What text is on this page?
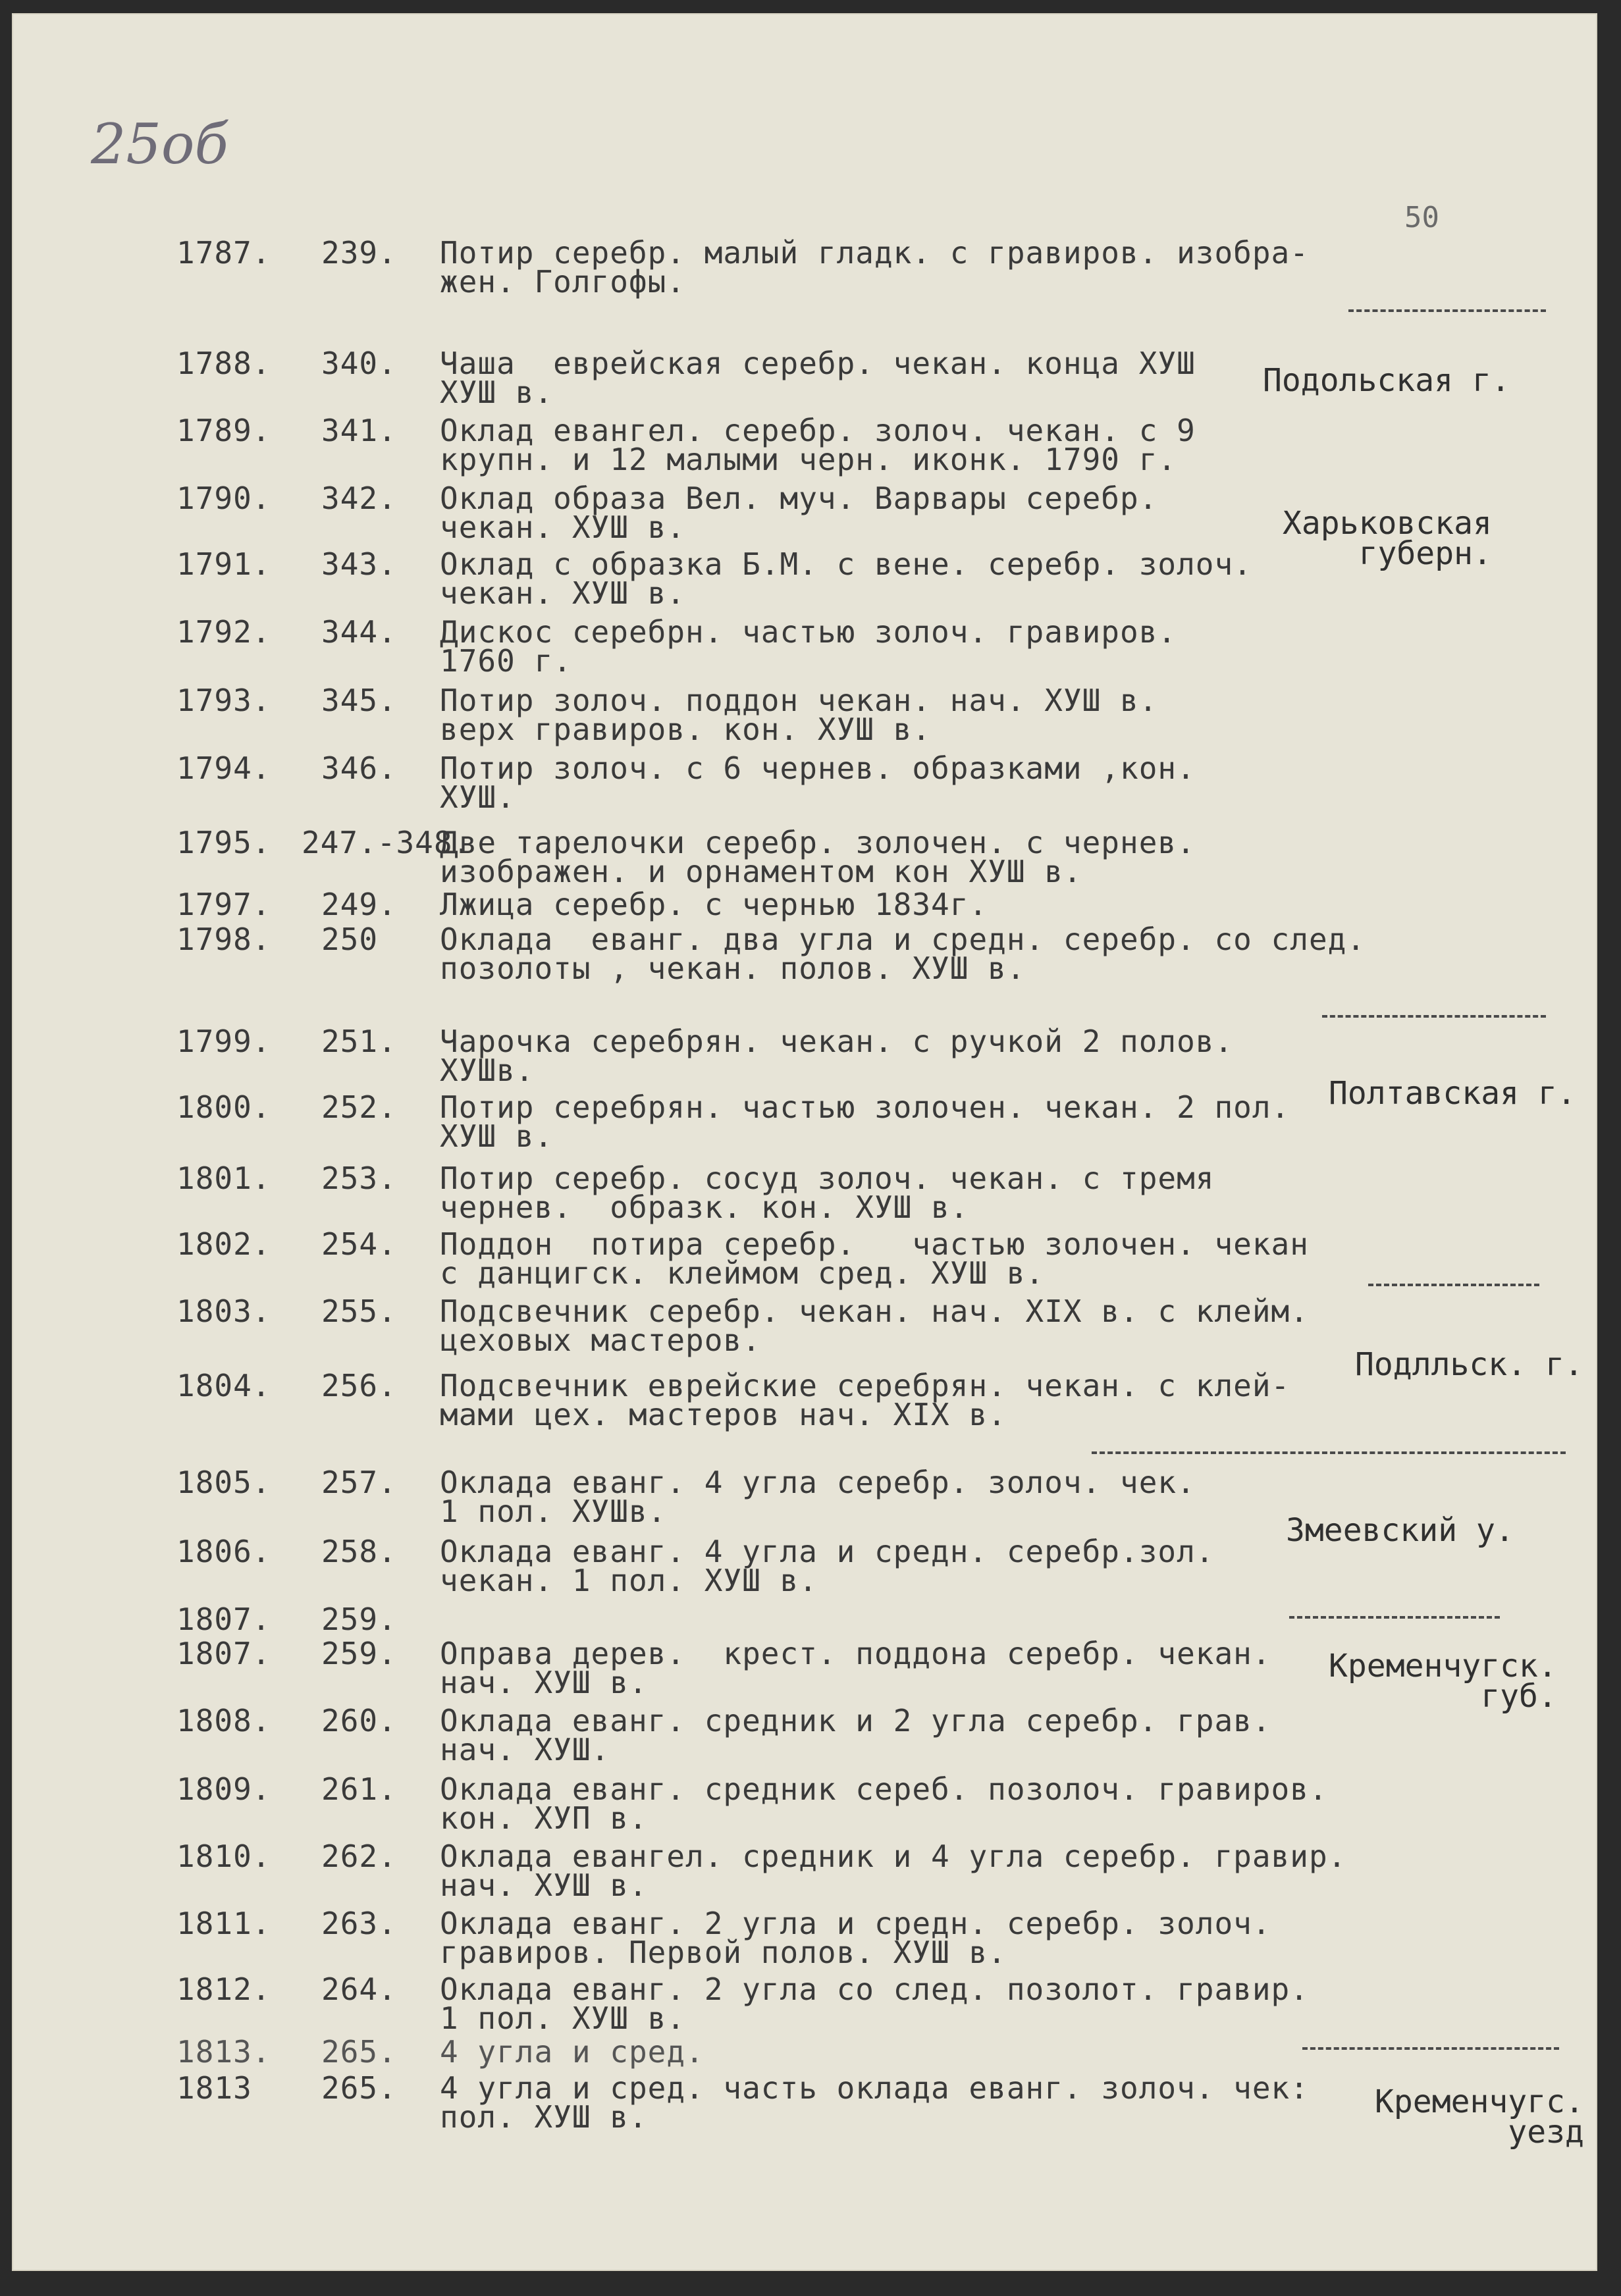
25об
50
1787. 239. Потир серебр. малый гладк. с гравиров. изобра-
жен. Голгофы.
1788. 340. Чаша  еврейская серебр. чекан. конца ХУШ
ХУШ в.
1789. 341. Оклад евангел. серебр. золоч. чекан. с 9
крупн. и 12 малыми черн. иконк. 1790 г.
1790. 342. Оклад образа Вел. муч. Варвары серебр.
чекан. ХУШ в.
1791. 343. Оклад с образка Б.М. с вене. серебр. золоч.
чекан. ХУШ в.
1792. 344. Дискос серебрн. частью золоч. гравиров.
1760 г.
1793. 345. Потир золоч. поддон чекан. нач. ХУШ в.
верх гравиров. кон. ХУШ в.
1794. 346. Потир золоч. с 6 чернев. образками ,кон.
ХУШ.
1795. 247.-348.
Две тарелочки серебр. золочен. с чернев.
изображен. и орнаментом кон ХУШ в.
1797. 249. Лжица серебр. с чернью 1834г.
1798. 250 Оклада  еванг. два угла и средн. серебр. со след.
позолоты , чекан. полов. ХУШ в.
1799. 251. Чарочка серебрян. чекан. с ручкой 2 полов.
ХУШв.
1800. 252. Потир серебрян. частью золочен. чекан. 2 пол.
ХУШ в.
1801. 253. Потир серебр. сосуд золоч. чекан. с тремя
чернев.  образк. кон. ХУШ в.
1802. 254. Поддон  потира серебр.   частью золочен. чекан
с данцигск. клеймом сред. ХУШ в.
1803. 255. Подсвечник серебр. чекан. нач. XIX в. с клейм.
цеховых мастеров.
1804. 256. Подсвечник еврейские серебрян. чекан. с клей-
мами цех. мастеров нач. XIX в.
1805. 257. Оклада еванг. 4 угла серебр. золоч. чек.
1 пол. ХУШв.
1806. 258. Оклада еванг. 4 угла и средн. серебр.зол.
чекан. 1 пол. ХУШ в.
1807. 259.
1807. 259. Оправа дерев.  крест. поддона серебр. чекан.
нач. ХУШ в.
1808. 260. Оклада еванг. средник и 2 угла серебр. грав.
нач. ХУШ.
1809. 261. Оклада еванг. средник сереб. позолоч. гравиров.
кон. ХУП в.
1810. 262. Оклада евангел. средник и 4 угла серебр. гравир.
нач. ХУШ в.
1811. 263. Оклада еванг. 2 угла и средн. серебр. золоч.
гравиров. Первой полов. ХУШ в.
1812. 264. Оклада еванг. 2 угла со след. позолот. гравир.
1 пол. ХУШ в.
1813. 265. 4 угла и сред.
1813 265. 4 угла и сред. часть оклада еванг. золоч. чек:
пол. ХУШ в.
Подольская г.
Харьковская
губерн.
Полтавская г.
Подлльск. г.
Змеевский у.
Кременчугск.
губ.
Кременчугс.
уезд
